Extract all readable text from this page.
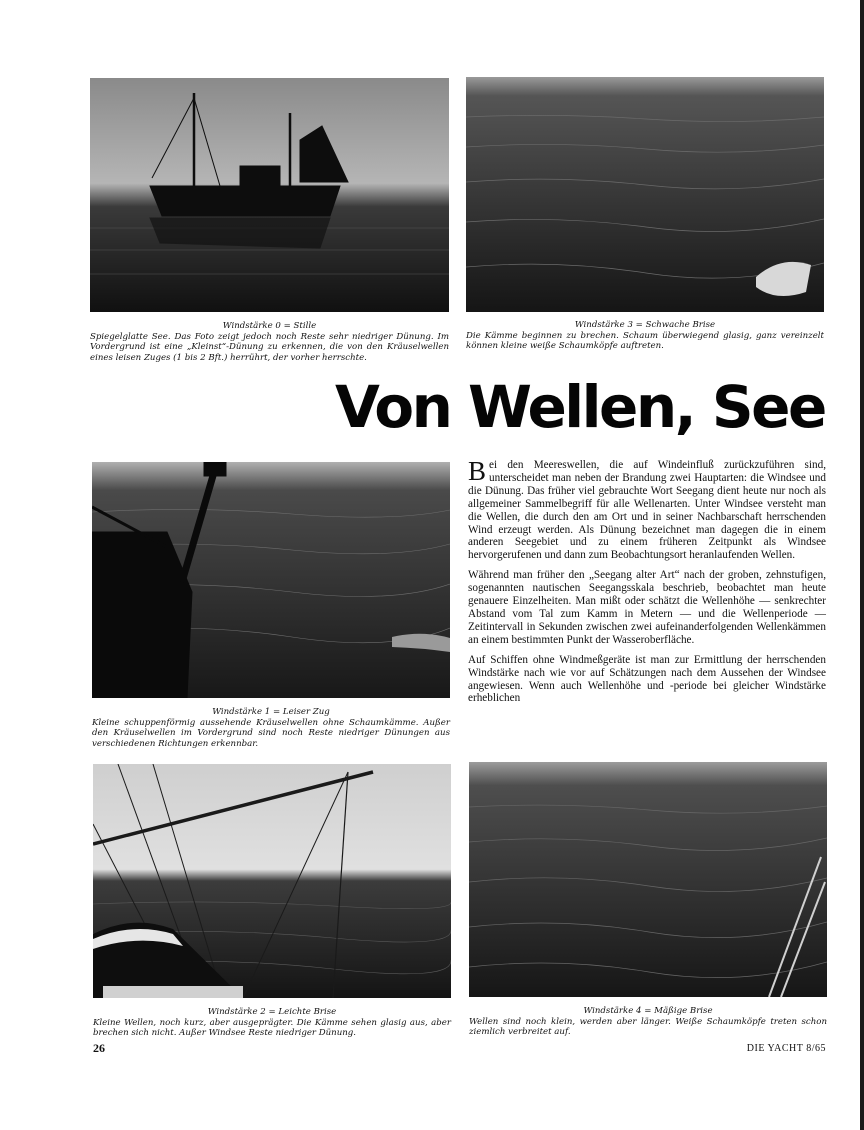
Windstärke 0 = Stille
Spiegelglatte See. Das Foto zeigt jedoch noch Reste sehr niedriger Dünung. Im Vordergrund ist eine „Kleinst“-Dünung zu erkennen, die von den Kräuselwellen eines leisen Zuges (1 bis 2 Bft.) herrührt, der vorher herrschte.
Windstärke 3 = Schwache Brise
Die Kämme beginnen zu brechen. Schaum überwiegend glasig, ganz vereinzelt können kleine weiße Schaumköpfe auftreten.
Von Wellen, See
Windstärke 1 = Leiser Zug
Kleine schuppenförmig aussehende Kräuselwellen ohne Schaumkämme. Außer den Kräuselwellen im Vordergrund sind noch Reste niedriger Dünungen aus verschiedenen Richtungen erkennbar.

Bei den Meereswellen, die auf Windeinfluß zurückzuführen sind, unterscheidet man neben der Brandung zwei Hauptarten: die Windsee und die Dünung. Das früher viel gebrauchte Wort Seegang dient heute nur noch als allgemeiner Sammelbegriff für alle Wellenarten. Unter Windsee versteht man die Wellen, die durch den am Ort und in seiner Nachbarschaft herrschenden Wind erzeugt werden. Als Dünung bezeichnet man dagegen die in einem anderen Seegebiet und zu einem früheren Zeitpunkt als Windsee hervorgerufenen und dann zum Beobachtungsort heranlaufenden Wellen.

Während man früher den „Seegang alter Art“ nach der groben, zehnstufigen, sogenannten nautischen Seegangsskala beschrieb, beobachtet man heute genauere Einzelheiten. Man mißt oder schätzt die Wellenhöhe — senkrechter Abstand vom Tal zum Kamm in Metern — und die Wellenperiode — Zeitintervall in Sekunden zwischen zwei aufeinanderfolgenden Wellenkämmen an einem bestimmten Punkt der Wasseroberfläche.

Auf Schiffen ohne Windmeßgeräte ist man zur Ermittlung der herrschenden Windstärke nach wie vor auf Schätzungen nach dem Aussehen der Windsee angewiesen. Wenn auch Wellenhöhe und -periode bei gleicher Windstärke erheblichen

Windstärke 2 = Leichte Brise
Kleine Wellen, noch kurz, aber ausgeprägter. Die Kämme sehen glasig aus, aber brechen sich nicht. Außer Windsee Reste niedriger Dünung.
Windstärke 4 = Mäßige Brise
Wellen sind noch klein, werden aber länger. Weiße Schaumköpfe treten schon ziemlich verbreitet auf.
26	DIE YACHT 8/65
